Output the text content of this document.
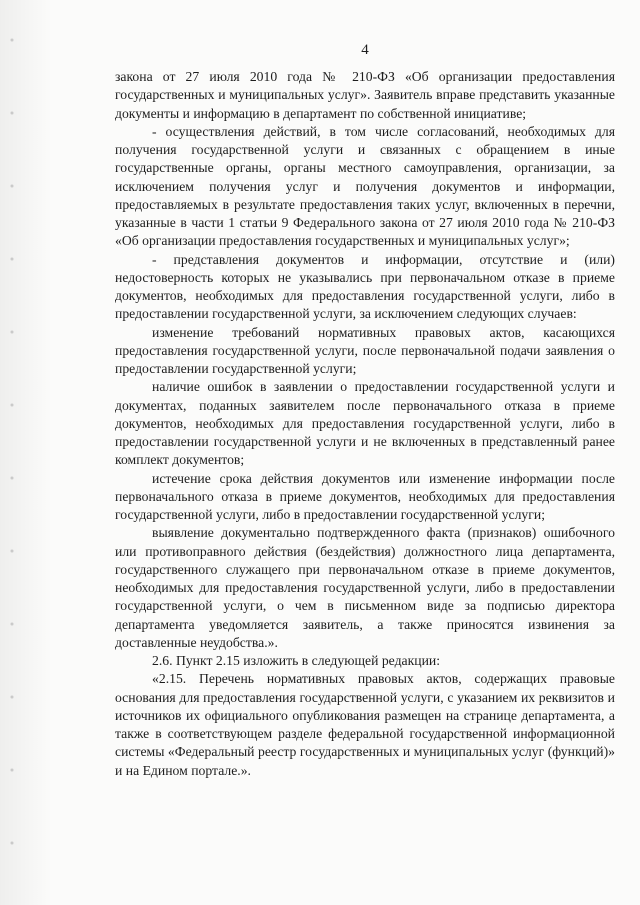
4

закона от 27 июля 2010 года № 210-ФЗ «Об организации предоставления государственных и муниципальных услуг». Заявитель вправе представить указанные документы и информацию в департамент по собственной инициативе;

- осуществления действий, в том числе согласований, необходимых для получения государственной услуги и связанных с обращением в иные государственные органы, органы местного самоуправления, организации, за исключением получения услуг и получения документов и информации, предоставляемых в результате предоставления таких услуг, включенных в перечни, указанные в части 1 статьи 9 Федерального закона от 27 июля 2010 года № 210-ФЗ «Об организации предоставления государственных и муниципальных услуг»;

- представления документов и информации, отсутствие и (или) недостоверность которых не указывались при первоначальном отказе в приеме документов, необходимых для предоставления государственной услуги, либо в предоставлении государственной услуги, за исключением следующих случаев:

изменение требований нормативных правовых актов, касающихся предоставления государственной услуги, после первоначальной подачи заявления о предоставлении государственной услуги;

наличие ошибок в заявлении о предоставлении государственной услуги и документах, поданных заявителем после первоначального отказа в приеме документов, необходимых для предоставления государственной услуги, либо в предоставлении государственной услуги и не включенных в представленный ранее комплект документов;

истечение срока действия документов или изменение информации после первоначального отказа в приеме документов, необходимых для предоставления государственной услуги, либо в предоставлении государственной услуги;

выявление документально подтвержденного факта (признаков) ошибочного или противоправного действия (бездействия) должностного лица департамента, государственного служащего при первоначальном отказе в приеме документов, необходимых для предоставления государственной услуги, либо в предоставлении государственной услуги, о чем в письменном виде за подписью директора департамента уведомляется заявитель, а также приносятся извинения за доставленные неудобства.».

2.6. Пункт 2.15 изложить в следующей редакции:

«2.15. Перечень нормативных правовых актов, содержащих правовые основания для предоставления государственной услуги, с указанием их реквизитов и источников их официального опубликования размещен на странице департамента, а также в соответствующем разделе федеральной государственной информационной системы «Федеральный реестр государственных и муниципальных услуг (функций)» и на Едином портале.».
